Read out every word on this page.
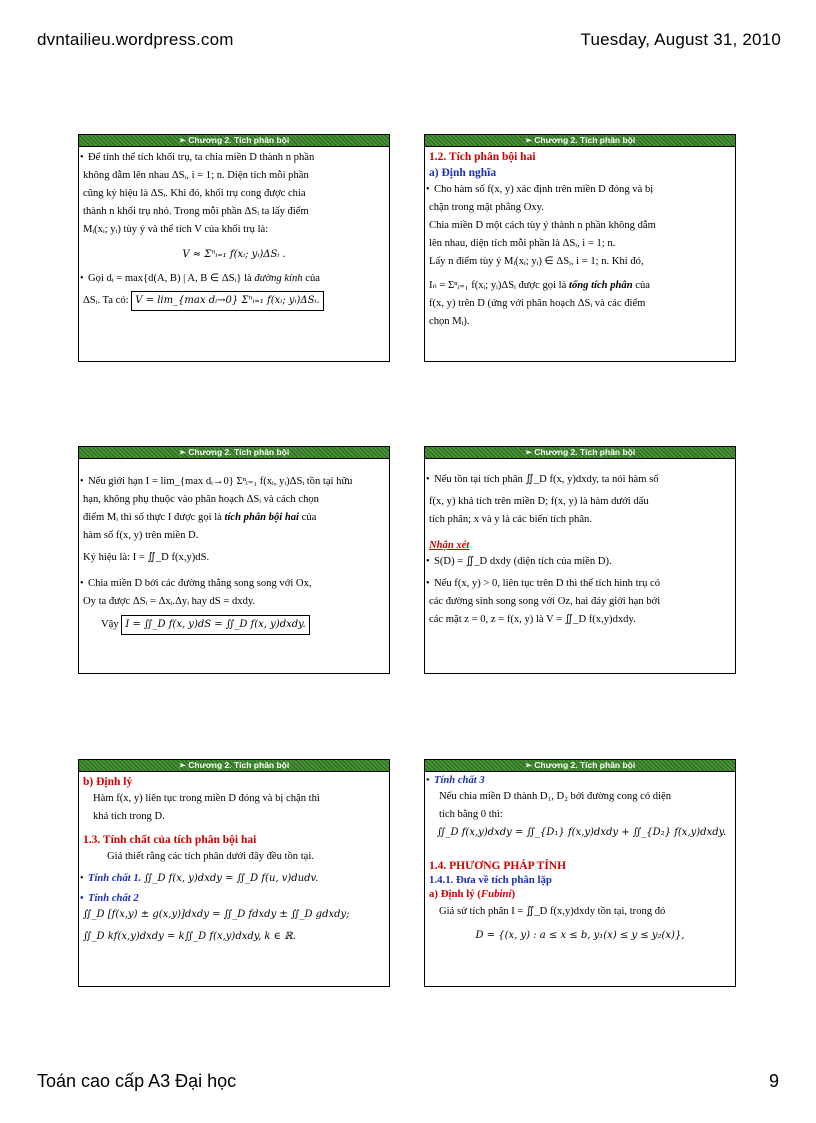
dvntailieu.wordpress.com	Tuesday, August 31, 2010
➢ Chương 2. Tích phân bội

• Để tính thể tích khối trụ, ta chia miền D thành n phần

không dẫm lên nhau ΔSᵢ, i = 1; n. Diện tích mỗi phần

cũng ký hiệu là ΔSᵢ. Khi đó, khối trụ cong được chia

thành n khối trụ nhỏ. Trong mỗi phần ΔSᵢ ta lấy điểm

Mᵢ(xᵢ; yᵢ) tùy ý và thể tích V của khối trụ là:

V ≈ Σⁿᵢ₌₁ f(xᵢ; yᵢ)ΔSᵢ .

• Gọi dᵢ = max{d(A, B) | A, B ∈ ΔSᵢ} là đường kính của

ΔSᵢ. Ta có: V = lim_{max dᵢ→0} Σⁿᵢ₌₁ f(xᵢ; yᵢ)ΔSᵢ.

➢ Chương 2. Tích phân bội

1.2. Tích phân bội hai

a) Định nghĩa

• Cho hàm số f(x, y) xác định trên miền D đóng và bị

chặn trong mặt phẳng Oxy.

Chia miền D một cách tùy ý thành n phần không dẫm

lên nhau, diện tích mỗi phần là ΔSᵢ, i = 1; n.

Lấy n điểm tùy ý Mᵢ(xᵢ; yᵢ) ∈ ΔSᵢ, i = 1; n. Khi đó,

Iₙ = Σⁿᵢ₌₁ f(xᵢ; yᵢ)ΔSᵢ được gọi là tổng tích phân của

f(x, y) trên D (ứng với phân hoạch ΔSᵢ và các điểm

chọn Mᵢ).

➢ Chương 2. Tích phân bội

• Nếu giới hạn I = lim_{max dᵢ→0} Σⁿᵢ₌₁ f(xᵢ, yᵢ)ΔSᵢ tồn tại hữu

hạn, không phụ thuộc vào phân hoạch ΔSᵢ và cách chọn

điểm Mᵢ thì số thực I được gọi là tích phân bội hai của

hàm số f(x, y) trên miền D.

Ký hiệu là: I = ∬_D f(x,y)dS.

• Chia miền D bởi các đường thẳng song song với Ox,

Oy ta được ΔSᵢ = Δxᵢ.Δyᵢ hay dS = dxdy.

Vậy I = ∬_D f(x, y)dS = ∬_D f(x, y)dxdy.

➢ Chương 2. Tích phân bội

• Nếu tồn tại tích phân ∬_D f(x, y)dxdy, ta nói hàm số

f(x, y) khả tích trên miền D; f(x, y) là hàm dưới dấu

tích phân; x và y là các biến tích phân.

Nhận xét

• S(D) = ∬_D dxdy (diện tích của miền D).

• Nếu f(x, y) > 0, liên tục trên D thì thể tích hình trụ có

các đường sinh song song với Oz, hai đáy giới hạn bởi

các mặt z = 0, z = f(x, y) là V = ∬_D f(x,y)dxdy.

➢ Chương 2. Tích phân bội

b) Định lý

Hàm f(x, y) liên tục trong miền D đóng và bị chặn thì

khả tích trong D.

1.3. Tính chất của tích phân bội hai

Giả thiết rằng các tích phân dưới đây đều tồn tại.

• Tính chất 1. ∬_D f(x, y)dxdy = ∬_D f(u, v)dudv.

• Tính chất 2

∬_D [f(x,y) ± g(x,y)]dxdy = ∬_D fdxdy ± ∬_D gdxdy;

∬_D kf(x,y)dxdy = k∬_D f(x,y)dxdy, k ∈ ℝ.

➢ Chương 2. Tích phân bội

• Tính chất 3

Nếu chia miền D thành D₁, D₂ bởi đường cong có diện

tích bằng 0 thì:

∬_D f(x,y)dxdy = ∬_{D₁} f(x,y)dxdy + ∬_{D₂} f(x,y)dxdy.

1.4. PHƯƠNG PHÁP TÍNH

1.4.1. Đưa về tích phân lặp

a) Định lý (Fubini)

Giả sử tích phân I = ∬_D f(x,y)dxdy tồn tại, trong đó

D = {(x, y) : a ≤ x ≤ b, y₁(x) ≤ y ≤ y₂(x)},

Toán cao cấp A3 Đại học	9
